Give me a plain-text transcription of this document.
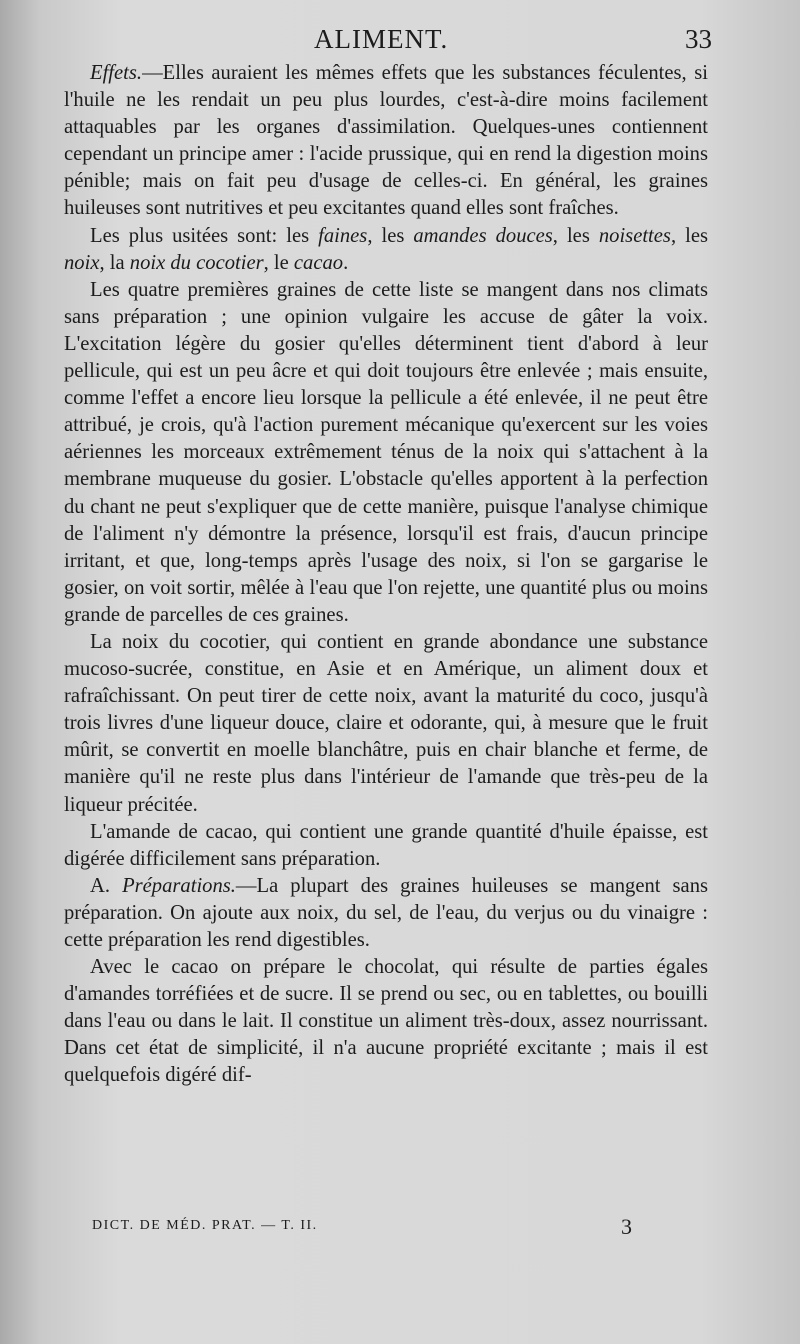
ALIMENT.	33

Effets.—Elles auraient les mêmes effets que les substances féculentes, si l'huile ne les rendait un peu plus lourdes, c'est-à-dire moins facilement attaquables par les organes d'assimilation. Quelques-unes contiennent cependant un principe amer : l'acide prussique, qui en rend la digestion moins pénible; mais on fait peu d'usage de celles-ci. En général, les graines huileuses sont nutritives et peu excitantes quand elles sont fraîches.

Les plus usitées sont: les faines, les amandes douces, les noisettes, les noix, la noix du cocotier, le cacao.

Les quatre premières graines de cette liste se mangent dans nos climats sans préparation ; une opinion vulgaire les accuse de gâter la voix. L'excitation légère du gosier qu'elles déterminent tient d'abord à leur pellicule, qui est un peu âcre et qui doit toujours être enlevée ; mais ensuite, comme l'effet a encore lieu lorsque la pellicule a été enlevée, il ne peut être attribué, je crois, qu'à l'action purement mécanique qu'exercent sur les voies aériennes les morceaux extrêmement ténus de la noix qui s'attachent à la membrane muqueuse du gosier. L'obstacle qu'elles apportent à la perfection du chant ne peut s'expliquer que de cette manière, puisque l'analyse chimique de l'aliment n'y démontre la présence, lorsqu'il est frais, d'aucun principe irritant, et que, long-temps après l'usage des noix, si l'on se gargarise le gosier, on voit sortir, mêlée à l'eau que l'on rejette, une quantité plus ou moins grande de parcelles de ces graines.

La noix du cocotier, qui contient en grande abondance une substance mucoso-sucrée, constitue, en Asie et en Amérique, un aliment doux et rafraîchissant. On peut tirer de cette noix, avant la maturité du coco, jusqu'à trois livres d'une liqueur douce, claire et odorante, qui, à mesure que le fruit mûrit, se convertit en moelle blanchâtre, puis en chair blanche et ferme, de manière qu'il ne reste plus dans l'intérieur de l'amande que très-peu de la liqueur précitée.

L'amande de cacao, qui contient une grande quantité d'huile épaisse, est digérée difficilement sans préparation.

A. Préparations.—La plupart des graines huileuses se mangent sans préparation. On ajoute aux noix, du sel, de l'eau, du verjus ou du vinaigre : cette préparation les rend digestibles.

Avec le cacao on prépare le chocolat, qui résulte de parties égales d'amandes torréfiées et de sucre. Il se prend ou sec, ou en tablettes, ou bouilli dans l'eau ou dans le lait. Il constitue un aliment très-doux, assez nourrissant. Dans cet état de simplicité, il n'a aucune propriété excitante ; mais il est quelquefois digéré dif-

DICT. DE MÉD. PRAT. — T. II.	3
